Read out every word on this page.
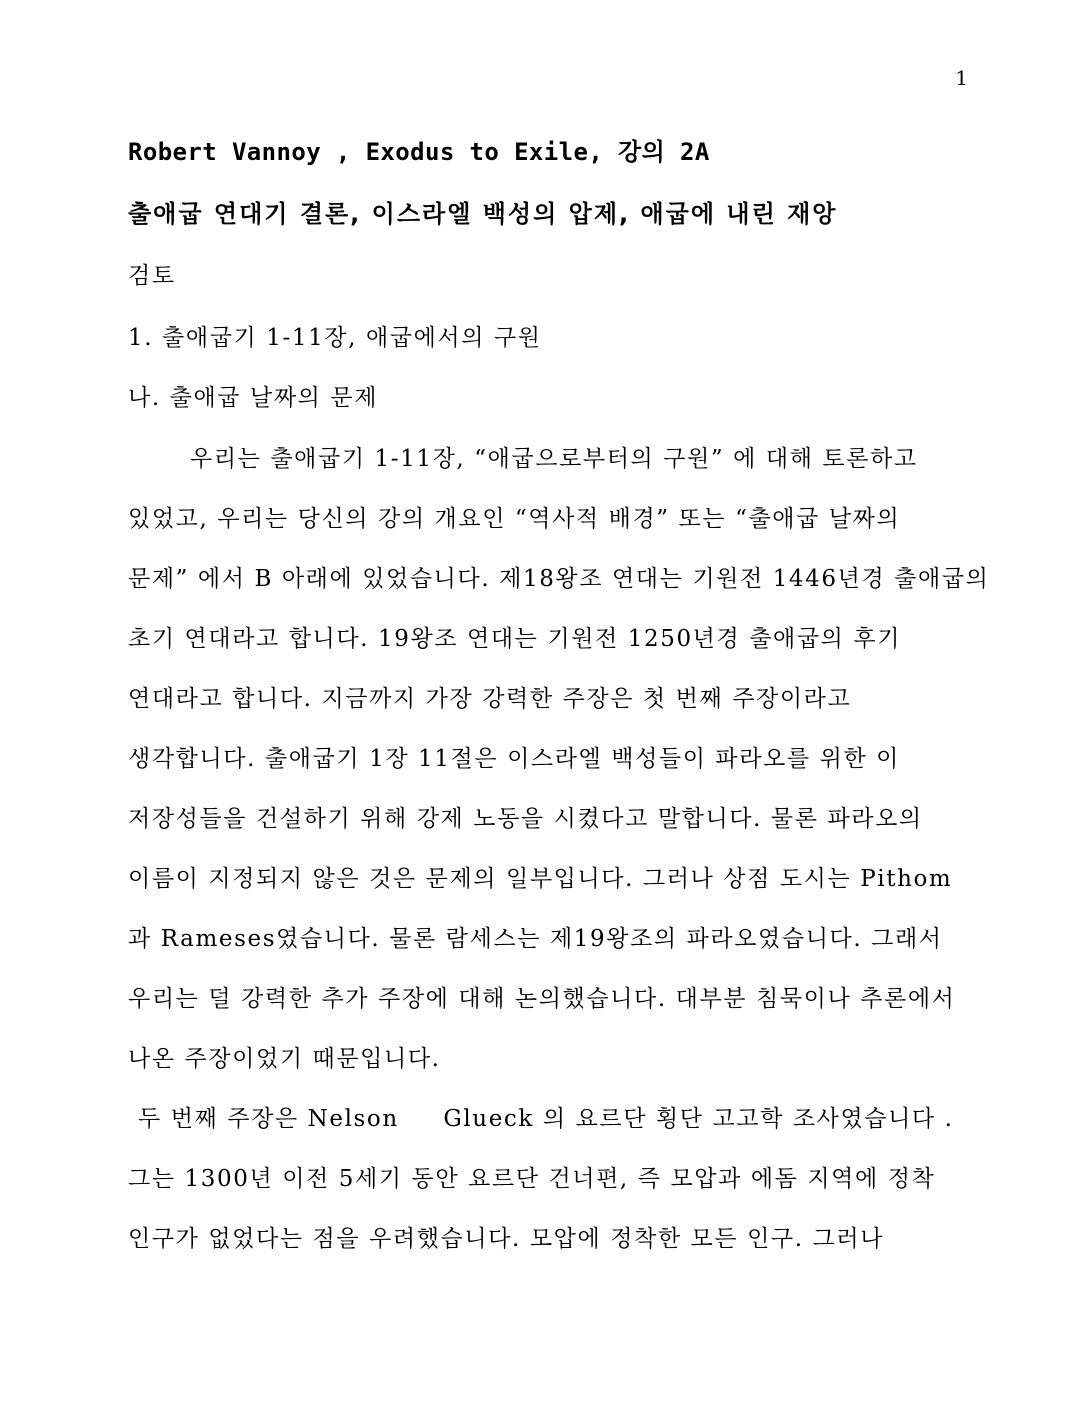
1
Robert Vannoy , Exodus to Exile, 강의 2A
출애굽 연대기 결론, 이스라엘 백성의 압제, 애굽에 내린 재앙
검토
1. 출애굽기 1-11장, 애굽에서의 구원
나. 출애굽 날짜의 문제
우리는 출애굽기 1-11장, “애굽으로부터의 구원” 에 대해 토론하고
있었고, 우리는 당신의 강의 개요인 “역사적 배경” 또는 “출애굽 날짜의
문제” 에서 B 아래에 있었습니다. 제18왕조 연대는 기원전 1446년경 출애굽의
초기 연대라고 합니다. 19왕조 연대는 기원전 1250년경 출애굽의 후기
연대라고 합니다. 지금까지 가장 강력한 주장은 첫 번째 주장이라고
생각합니다. 출애굽기 1장 11절은 이스라엘 백성들이 파라오를 위한 이
저장성들을 건설하기 위해 강제 노동을 시켰다고 말합니다. 물론 파라오의
이름이 지정되지 않은 것은 문제의 일부입니다. 그러나 상점 도시는 Pithom
과 Rameses였습니다. 물론 람세스는 제19왕조의 파라오였습니다. 그래서
우리는 덜 강력한 추가 주장에 대해 논의했습니다. 대부분 침묵이나 추론에서
나온 주장이었기 때문입니다.
두 번째 주장은 Nelson     Glueck 의 요르단 횡단 고고학 조사였습니다 .
그는 1300년 이전 5세기 동안 요르단 건너편, 즉 모압과 에돔 지역에 정착
인구가 없었다는 점을 우려했습니다. 모압에 정착한 모든 인구. 그러나
